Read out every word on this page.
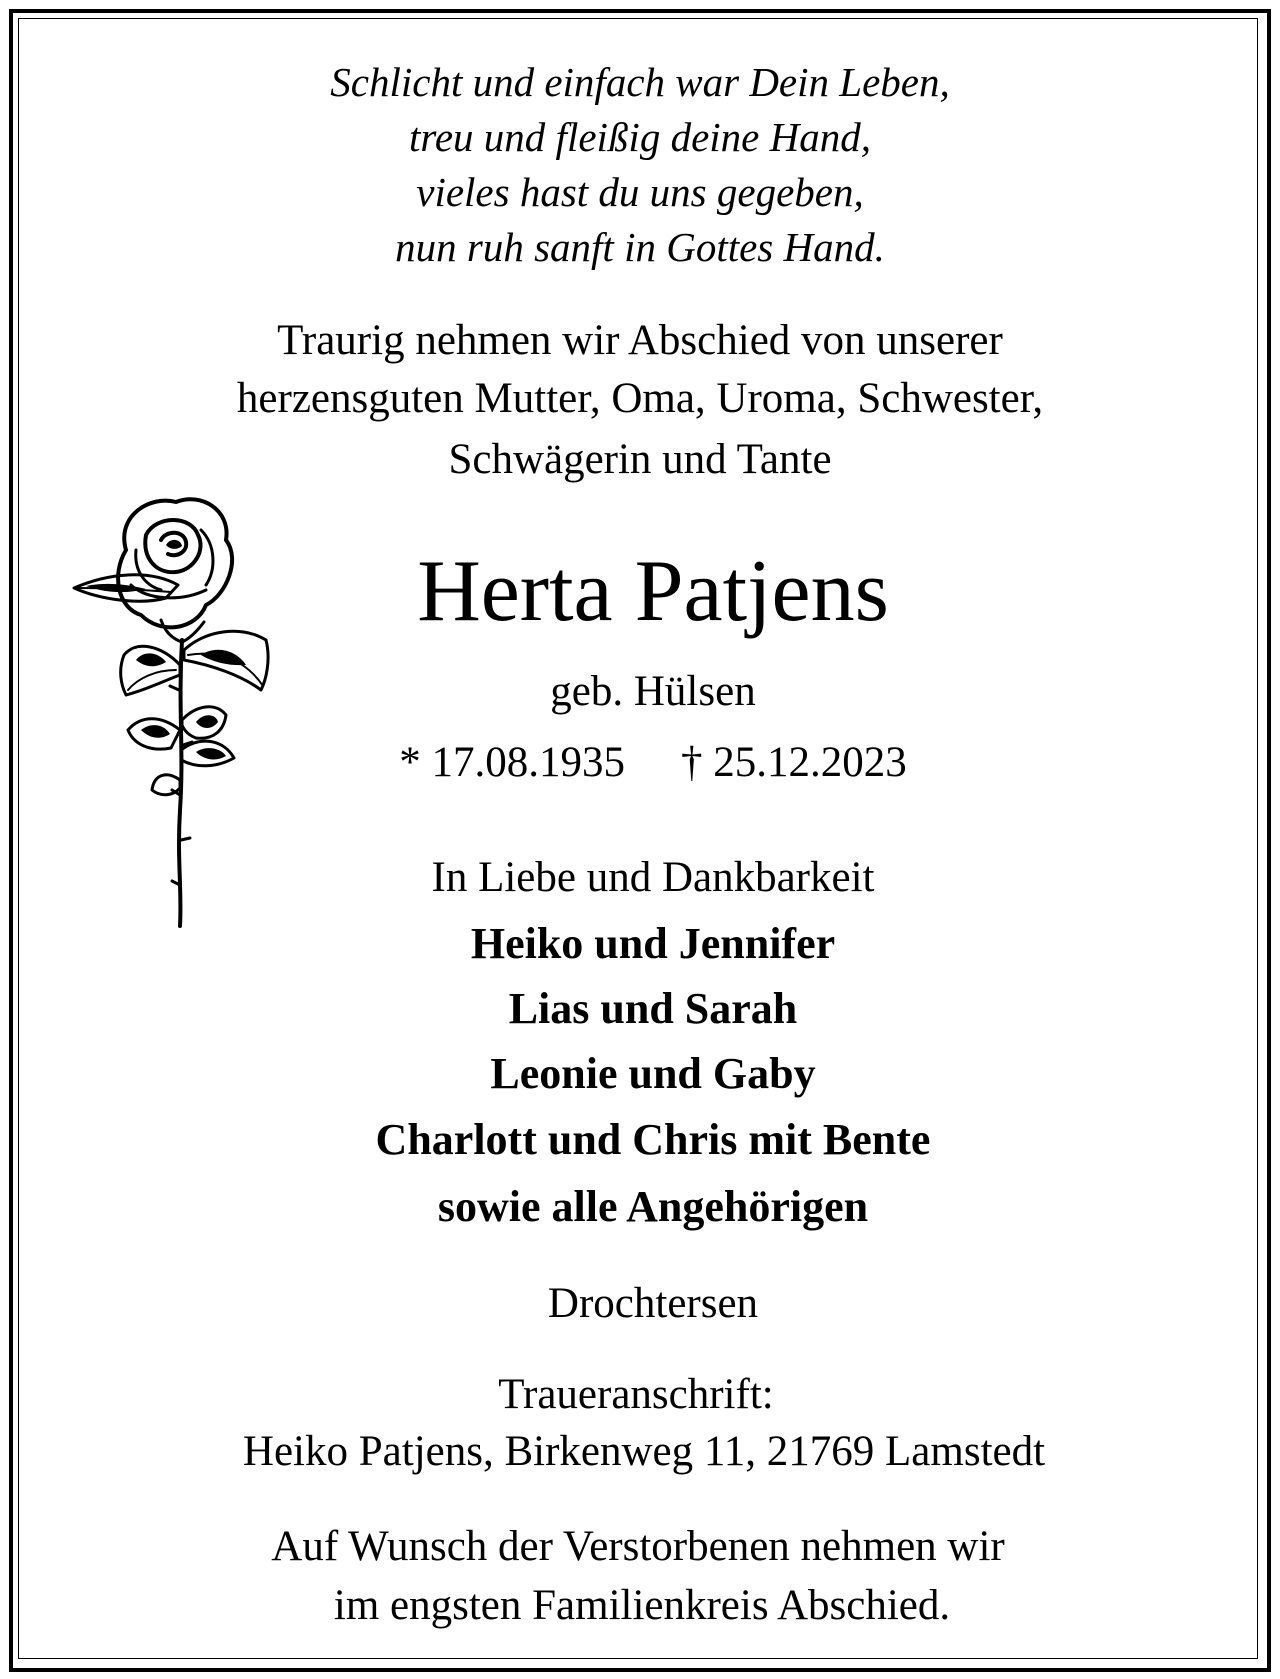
Schlicht und einfach war Dein Leben,
treu und fleißig deine Hand,
vieles hast du uns gegeben,
nun ruh sanft in Gottes Hand.
Traurig nehmen wir Abschied von unserer
herzensguten Mutter, Oma, Uroma, Schwester,
Schwägerin und Tante
Herta Patjens
geb. Hülsen
* 17.08.1935 † 25.12.2023
In Liebe und Dankbarkeit
Heiko und Jennifer
Lias und Sarah
Leonie und Gaby
Charlott und Chris mit Bente
sowie alle Angehörigen
Drochtersen
Traueranschrift:
Heiko Patjens, Birkenweg 11, 21769 Lamstedt
Auf Wunsch der Verstorbenen nehmen wir
im engsten Familienkreis Abschied.
